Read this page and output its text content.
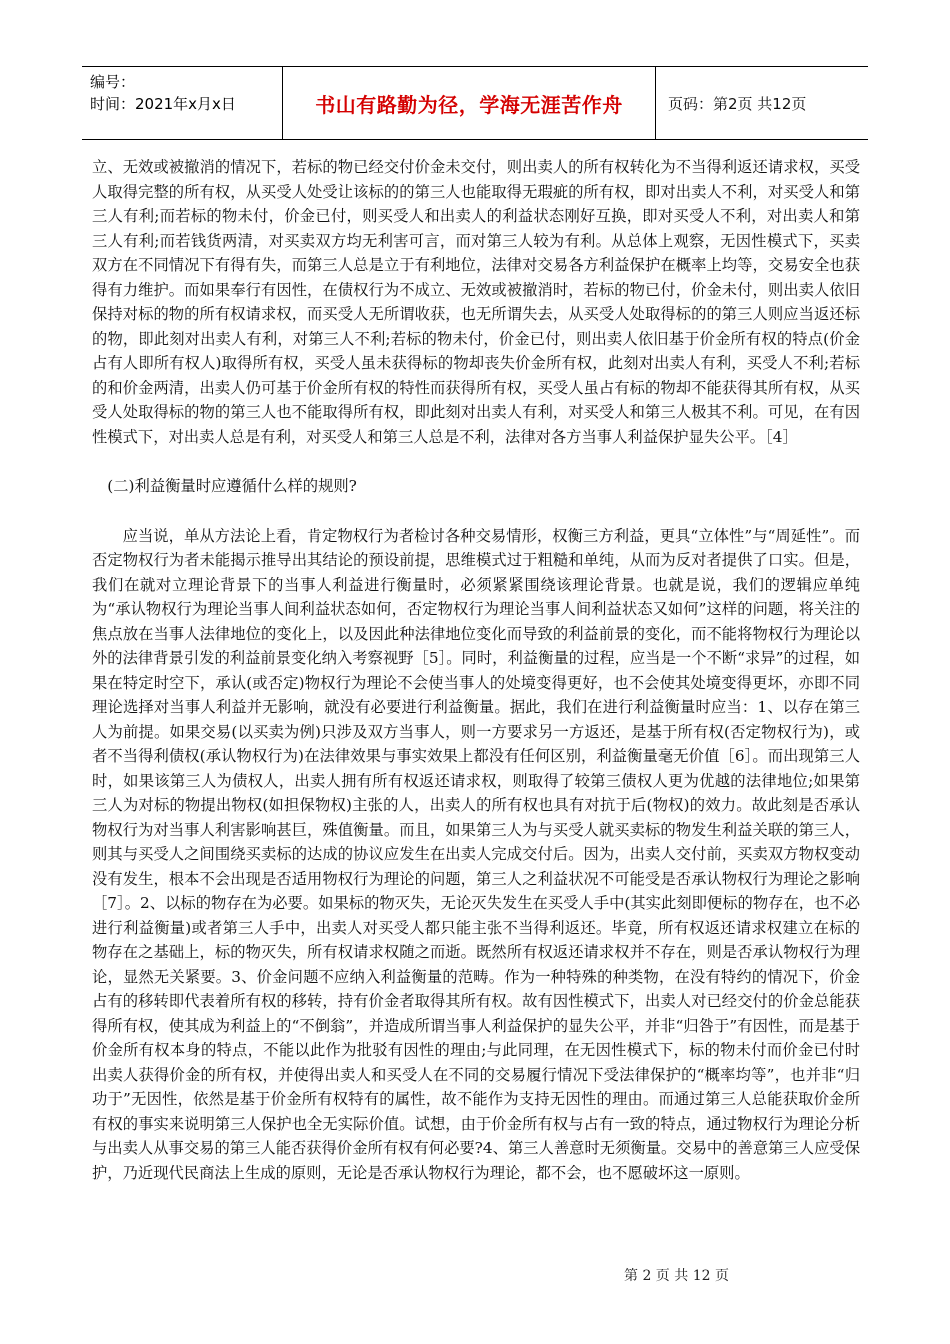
编号：
时间：2021年x月x日	书山有路勤为径，学海无涯苦作舟	页码：第2页 共12页

立、无效或被撤消的情况下，若标的物已经交付价金未交付，则出卖人的所有权转化为不当得利返还请求权，买受人取得完整的所有权，从买受人处受让该标的的第三人也能取得无瑕疵的所有权，即对出卖人不利，对买受人和第三人有利;而若标的物未付，价金已付，则买受人和出卖人的利益状态刚好互换，即对买受人不利，对出卖人和第三人有利;而若钱货两清，对买卖双方均无利害可言，而对第三人较为有利。从总体上观察，无因性模式下，买卖双方在不同情况下有得有失，而第三人总是立于有利地位，法律对交易各方利益保护在概率上均等，交易安全也获得有力维护。而如果奉行有因性，在债权行为不成立、无效或被撤消时，若标的物已付，价金未付，则出卖人依旧保持对标的物的所有权请求权，而买受人无所谓收获，也无所谓失去，从买受人处取得标的的第三人则应当返还标的物，即此刻对出卖人有利，对第三人不利;若标的物未付，价金已付，则出卖人依旧基于价金所有权的特点(价金占有人即所有权人)取得所有权，买受人虽未获得标的物却丧失价金所有权，此刻对出卖人有利，买受人不利;若标的和价金两清，出卖人仍可基于价金所有权的特性而获得所有权，买受人虽占有标的物却不能获得其所有权，从买受人处取得标的物的第三人也不能取得所有权，即此刻对出卖人有利，对买受人和第三人极其不利。可见，在有因性模式下，对出卖人总是有利，对买受人和第三人总是不利，法律对各方当事人利益保护显失公平。［4］

(二)利益衡量时应遵循什么样的规则?

应当说，单从方法论上看，肯定物权行为者检讨各种交易情形，权衡三方利益，更具“立体性”与“周延性”。而否定物权行为者未能揭示推导出其结论的预设前提，思维模式过于粗糙和单纯，从而为反对者提供了口实。但是，我们在就对立理论背景下的当事人利益进行衡量时，必须紧紧围绕该理论背景。也就是说，我们的逻辑应单纯为“承认物权行为理论当事人间利益状态如何，否定物权行为理论当事人间利益状态又如何”这样的问题，将关注的焦点放在当事人法律地位的变化上，以及因此种法律地位变化而导致的利益前景的变化，而不能将物权行为理论以外的法律背景引发的利益前景变化纳入考察视野［5］。同时，利益衡量的过程，应当是一个不断“求异”的过程，如果在特定时空下，承认(或否定)物权行为理论不会使当事人的处境变得更好，也不会使其处境变得更坏，亦即不同理论选择对当事人利益并无影响，就没有必要进行利益衡量。据此，我们在进行利益衡量时应当：1、以存在第三人为前提。如果交易(以买卖为例)只涉及双方当事人，则一方要求另一方返还，是基于所有权(否定物权行为)，或者不当得利债权(承认物权行为)在法律效果与事实效果上都没有任何区别，利益衡量毫无价值［6］。而出现第三人时，如果该第三人为债权人，出卖人拥有所有权返还请求权，则取得了较第三债权人更为优越的法律地位;如果第三人为对标的物提出物权(如担保物权)主张的人，出卖人的所有权也具有对抗于后(物权)的效力。故此刻是否承认物权行为对当事人利害影响甚巨，殊值衡量。而且，如果第三人为与买受人就买卖标的物发生利益关联的第三人，则其与买受人之间围绕买卖标的达成的协议应发生在出卖人完成交付后。因为，出卖人交付前，买卖双方物权变动没有发生，根本不会出现是否适用物权行为理论的问题，第三人之利益状况不可能受是否承认物权行为理论之影响［7］。2、以标的物存在为必要。如果标的物灭失，无论灭失发生在买受人手中(其实此刻即便标的物存在，也不必进行利益衡量)或者第三人手中，出卖人对买受人都只能主张不当得利返还。毕竟，所有权返还请求权建立在标的物存在之基础上，标的物灭失，所有权请求权随之而逝。既然所有权返还请求权并不存在，则是否承认物权行为理论，显然无关紧要。3、价金问题不应纳入利益衡量的范畴。作为一种特殊的种类物，在没有特约的情况下，价金占有的移转即代表着所有权的移转，持有价金者取得其所有权。故有因性模式下，出卖人对已经交付的价金总能获得所有权，使其成为利益上的“不倒翁”，并造成所谓当事人利益保护的显失公平，并非“归咎于”有因性，而是基于价金所有权本身的特点，不能以此作为批驳有因性的理由;与此同理，在无因性模式下，标的物未付而价金已付时出卖人获得价金的所有权，并使得出卖人和买受人在不同的交易履行情况下受法律保护的“概率均等”，也并非“归功于”无因性，依然是基于价金所有权特有的属性，故不能作为支持无因性的理由。而通过第三人总能获取价金所有权的事实来说明第三人保护也全无实际价值。试想，由于价金所有权与占有一致的特点，通过物权行为理论分析与出卖人从事交易的第三人能否获得价金所有权有何必要?4、第三人善意时无须衡量。交易中的善意第三人应受保护，乃近现代民商法上生成的原则，无论是否承认物权行为理论，都不会，也不愿破坏这一原则。

第 2 页 共 12 页
